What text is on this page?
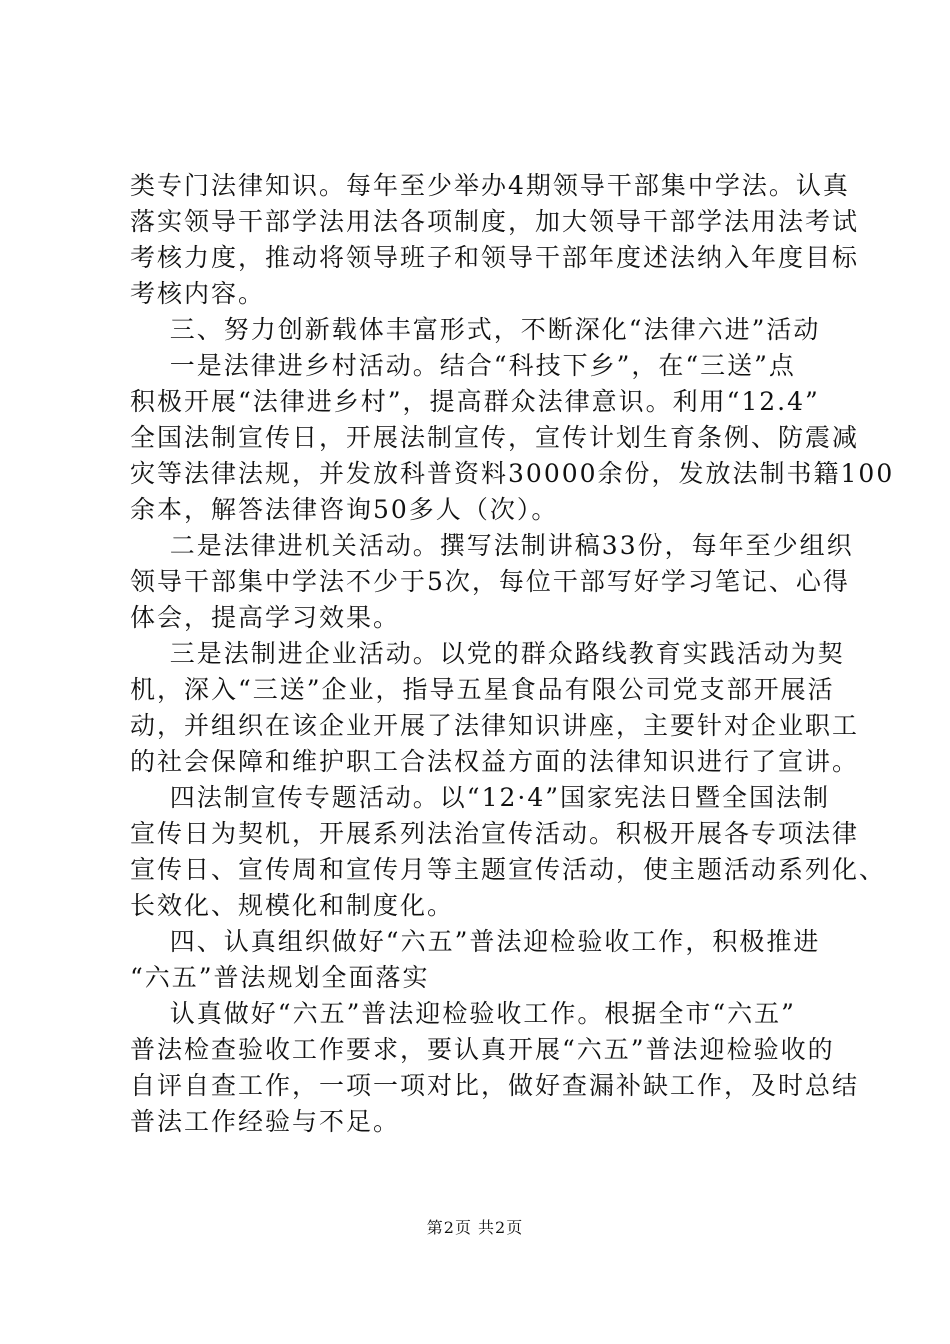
类专门法律知识。每年至少举办4期领导干部集中学法。认真
落实领导干部学法用法各项制度，加大领导干部学法用法考试
考核力度，推动将领导班子和领导干部年度述法纳入年度目标
考核内容。
三、努力创新载体丰富形式，不断深化“法律六进”活动
一是法律进乡村活动。结合“科技下乡”，在“三送”点
积极开展“法律进乡村”，提高群众法律意识。利用“12.4”
全国法制宣传日，开展法制宣传，宣传计划生育条例、防震减
灾等法律法规，并发放科普资料30000余份，发放法制书籍100
余本，解答法律咨询50多人（次）。
二是法律进机关活动。撰写法制讲稿33份，每年至少组织
领导干部集中学法不少于5次，每位干部写好学习笔记、心得
体会，提高学习效果。
三是法制进企业活动。以党的群众路线教育实践活动为契
机，深入“三送”企业，指导五星食品有限公司党支部开展活
动，并组织在该企业开展了法律知识讲座，主要针对企业职工
的社会保障和维护职工合法权益方面的法律知识进行了宣讲。
四法制宣传专题活动。以“12·4”国家宪法日暨全国法制
宣传日为契机，开展系列法治宣传活动。积极开展各专项法律
宣传日、宣传周和宣传月等主题宣传活动，使主题活动系列化、
长效化、规模化和制度化。
四、认真组织做好“六五”普法迎检验收工作，积极推进
“六五”普法规划全面落实
认真做好“六五”普法迎检验收工作。根据全市“六五”
普法检查验收工作要求，要认真开展“六五”普法迎检验收的
自评自查工作，一项一项对比，做好查漏补缺工作，及时总结
普法工作经验与不足。
第2页 共2页
